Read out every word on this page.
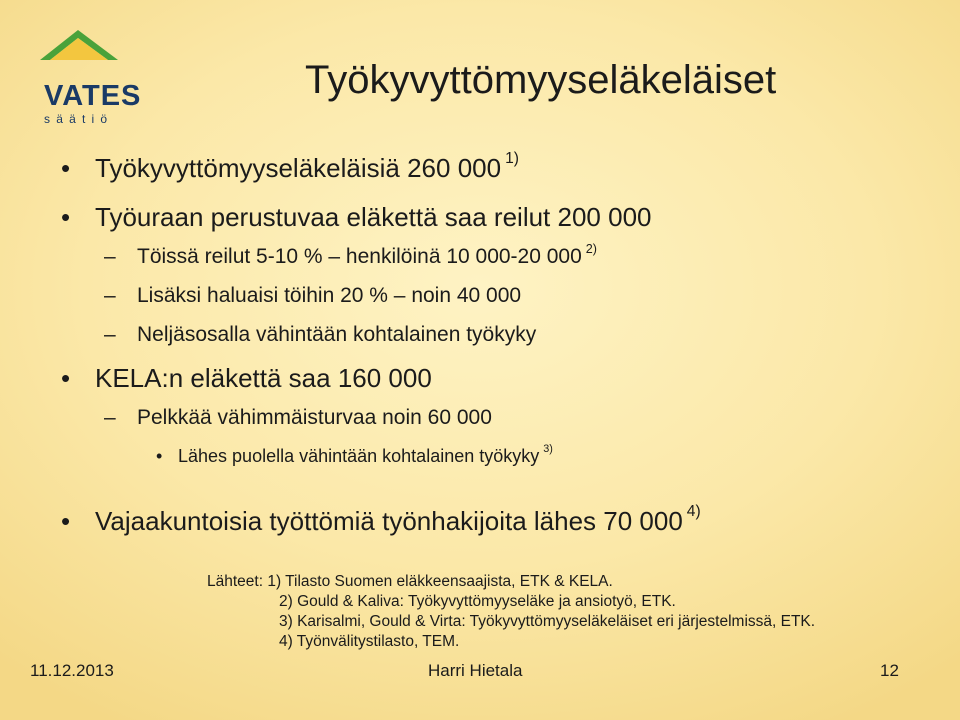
VATES
säätiö
Työkyvyttömyyseläkeläiset
• Työkyvyttömyyseläkeläisiä 260 000 $^{1)}$
• Työuraan perustuvaa eläkettä saa reilut 200 000
– Töissä reilut 5-10 % – henkilöinä 10 000-20 000 $^{2)}$
– Lisäksi haluaisi töihin 20 % – noin 40 000
– Neljäsosalla vähintään kohtalainen työkyky
• KELA:n eläkettä saa 160 000
– Pelkkää vähimmäisturvaa noin 60 000
• Lähes puolella vähintään kohtalainen työkyky $^{3)}$
• Vajaakuntoisia työttömiä työnhakijoita lähes 70 000 $^{4)}$
Lähteet: 1) Tilasto Suomen eläkkeensaajista, ETK & KELA.
2) Gould & Kaliva: Työkyvyttömyyseläke ja ansiotyö, ETK.
3) Karisalmi, Gould & Virta: Työkyvyttömyyseläkeläiset eri järjestelmissä, ETK.
4) Työnvälitystilasto, TEM.
11.12.2013	Harri Hietala	12
